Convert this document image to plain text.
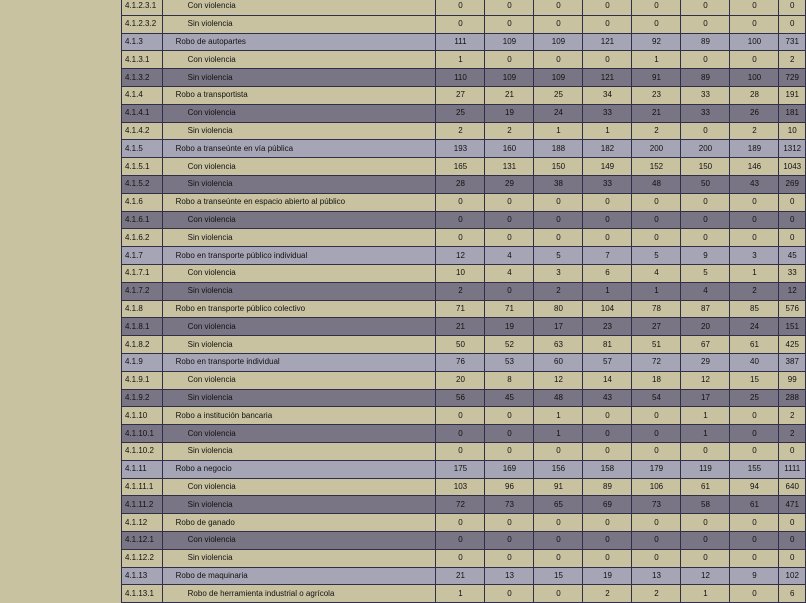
4.1.2.3.1	Con violencia	0	0	0	0	0	0	0	0
4.1.2.3.2	Sin violencia	0	0	0	0	0	0	0	0
4.1.3	Robo de autopartes	111	109	109	121	92	89	100	731
4.1.3.1	Con violencia	1	0	0	0	1	0	0	2
4.1.3.2	Sin violencia	110	109	109	121	91	89	100	729
4.1.4	Robo a transportista	27	21	25	34	23	33	28	191
4.1.4.1	Con violencia	25	19	24	33	21	33	26	181
4.1.4.2	Sin violencia	2	2	1	1	2	0	2	10
4.1.5	Robo a transeúnte en vía pública	193	160	188	182	200	200	189	1312
4.1.5.1	Con violencia	165	131	150	149	152	150	146	1043
4.1.5.2	Sin violencia	28	29	38	33	48	50	43	269
4.1.6	Robo a transeúnte en espacio abierto al público	0	0	0	0	0	0	0	0
4.1.6.1	Con violencia	0	0	0	0	0	0	0	0
4.1.6.2	Sin violencia	0	0	0	0	0	0	0	0
4.1.7	Robo en transporte público individual	12	4	5	7	5	9	3	45
4.1.7.1	Con violencia	10	4	3	6	4	5	1	33
4.1.7.2	Sin violencia	2	0	2	1	1	4	2	12
4.1.8	Robo en transporte público colectivo	71	71	80	104	78	87	85	576
4.1.8.1	Con violencia	21	19	17	23	27	20	24	151
4.1.8.2	Sin violencia	50	52	63	81	51	67	61	425
4.1.9	Robo en transporte individual	76	53	60	57	72	29	40	387
4.1.9.1	Con violencia	20	8	12	14	18	12	15	99
4.1.9.2	Sin violencia	56	45	48	43	54	17	25	288
4.1.10	Robo a institución bancaria	0	0	1	0	0	1	0	2
4.1.10.1	Con violencia	0	0	1	0	0	1	0	2
4.1.10.2	Sin violencia	0	0	0	0	0	0	0	0
4.1.11	Robo a negocio	175	169	156	158	179	119	155	1111
4.1.11.1	Con violencia	103	96	91	89	106	61	94	640
4.1.11.2	Sin violencia	72	73	65	69	73	58	61	471
4.1.12	Robo de ganado	0	0	0	0	0	0	0	0
4.1.12.1	Con violencia	0	0	0	0	0	0	0	0
4.1.12.2	Sin violencia	0	0	0	0	0	0	0	0
4.1.13	Robo de maquinaria	21	13	15	19	13	12	9	102
4.1.13.1	Robo de herramienta industrial o agrícola	1	0	0	2	2	1	0	6
